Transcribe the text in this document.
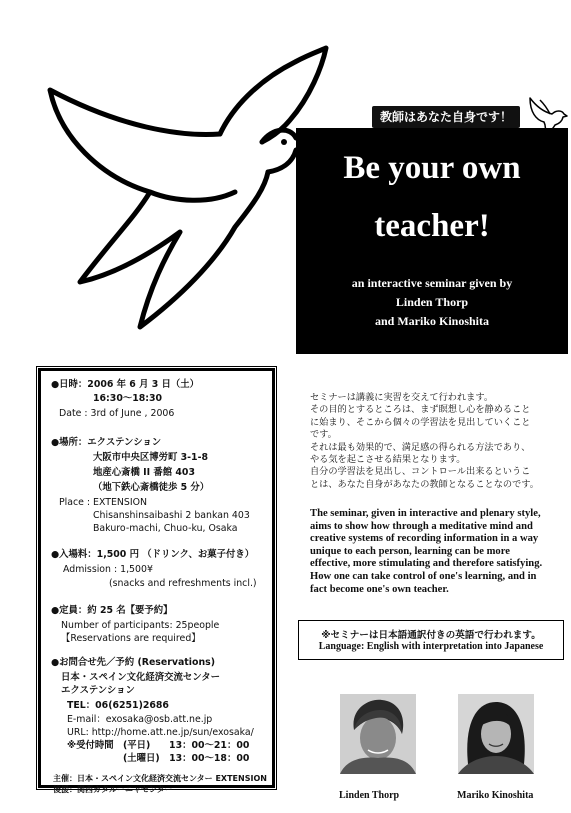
教師はあなた自身です！
Be your own
teacher!
an interactive seminar given by
Linden Thorp
and Mariko Kinoshita
●日時：2006 年 6 月 3 日（土）
16:30～18:30
Date : 3rd of June , 2006
●場所：エクステンション
大阪市中央区博労町 3-1-8
地産心斎橋 II 番館 403
（地下鉄心斎橋徒歩 5 分）
Place : EXTENSION
Chisanshinsaibashi 2 bankan 403
Bakuro-machi, Chuo-ku, Osaka
●入場料：1,500 円 （ドリンク、お菓子付き）
Admission : 1,500¥
(snacks and refreshments incl.)
●定員：約 25 名【要予約】
Number of participants: 25people
【Reservations are required】
●お問合せ先／予約 (Reservations)
日本・スペイン文化経済交流センター
エクステンション
TEL：06(6251)2686
E-mail：exosaka@osb.att.ne.jp
URL: http://home.att.ne.jp/sun/exosaka/
※受付時間　(平日)　　13：00～21：00
(土曜日)　13：00～18：00
主催：日本・スペイン文化経済交流センター EXTENSION
後援：関西カタルーニャセンター
セミナーは講義に実習を交えて行われます。
その目的とするところは、まず瞑想し心を静めること
に始まり、そこから個々の学習法を見出していくこと
です。
それは最も効果的で、満足感の得られる方法であり、
やる気を起こさせる結果となります。
自分の学習法を見出し、コントロール出来るというこ
とは、あなた自身があなたの教師となることなのです。
The seminar, given in interactive and plenary style,
aims to show how through a meditative mind and
creative systems of recording information in a way
unique to each person, learning can be more
effective, more stimulating and therefore satisfying.
How one can take control of one's learning, and in
fact become one's own teacher.
※セミナーは日本語通訳付きの英語で行われます。
Language: English with interpretation into Japanese
Linden Thorp	Mariko Kinoshita
